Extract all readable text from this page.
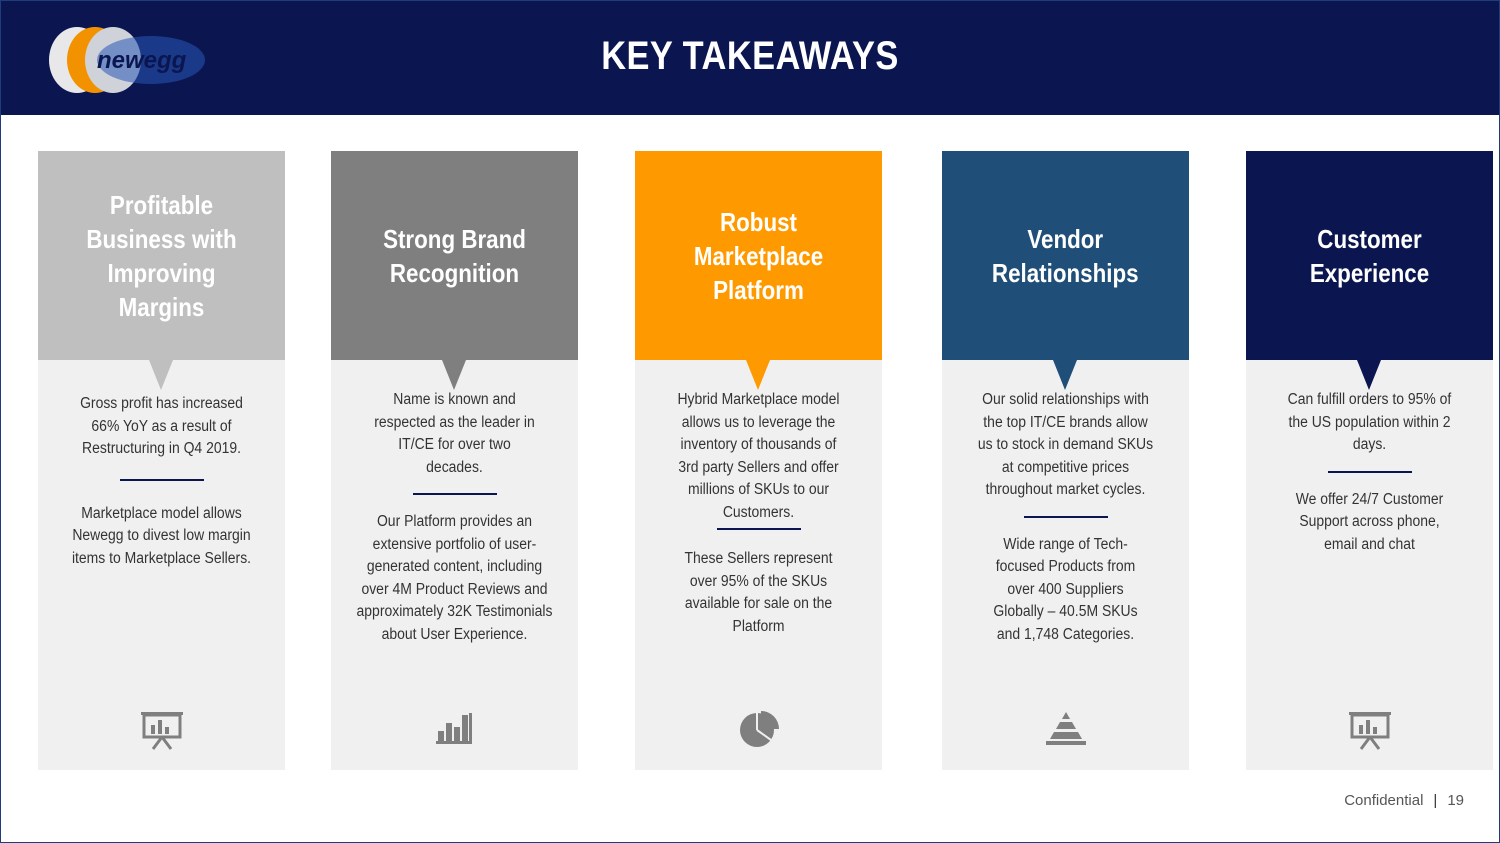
newegg	KEY TAKEAWAYS
Profitable Business with Improving Margins

Gross profit has increased 66% YoY as a result of Restructuring in Q4 2019.

Marketplace model allows Newegg to divest low margin items to Marketplace Sellers.

Strong Brand Recognition

Name is known and respected as the leader in IT/CE for over two decades.

Our Platform provides an extensive portfolio of user-generated content, including over 4M Product Reviews and approximately 32K Testimonials about User Experience.

Robust Marketplace Platform

Hybrid Marketplace model allows us to leverage the inventory of thousands of 3rd party Sellers and offer millions of SKUs to our Customers.

These Sellers represent over 95% of the SKUs available for sale on the Platform

Vendor Relationships

Our solid relationships with the top IT/CE brands allow us to stock in demand SKUs at competitive prices throughout market cycles.

Wide range of Tech-focused Products from over 400 Suppliers Globally – 40.5M SKUs and 1,748 Categories.

Customer Experience

Can fulfill orders to 95% of the US population within 2 days.

We offer 24/7 Customer Support across phone, email and chat

Confidential | 19
